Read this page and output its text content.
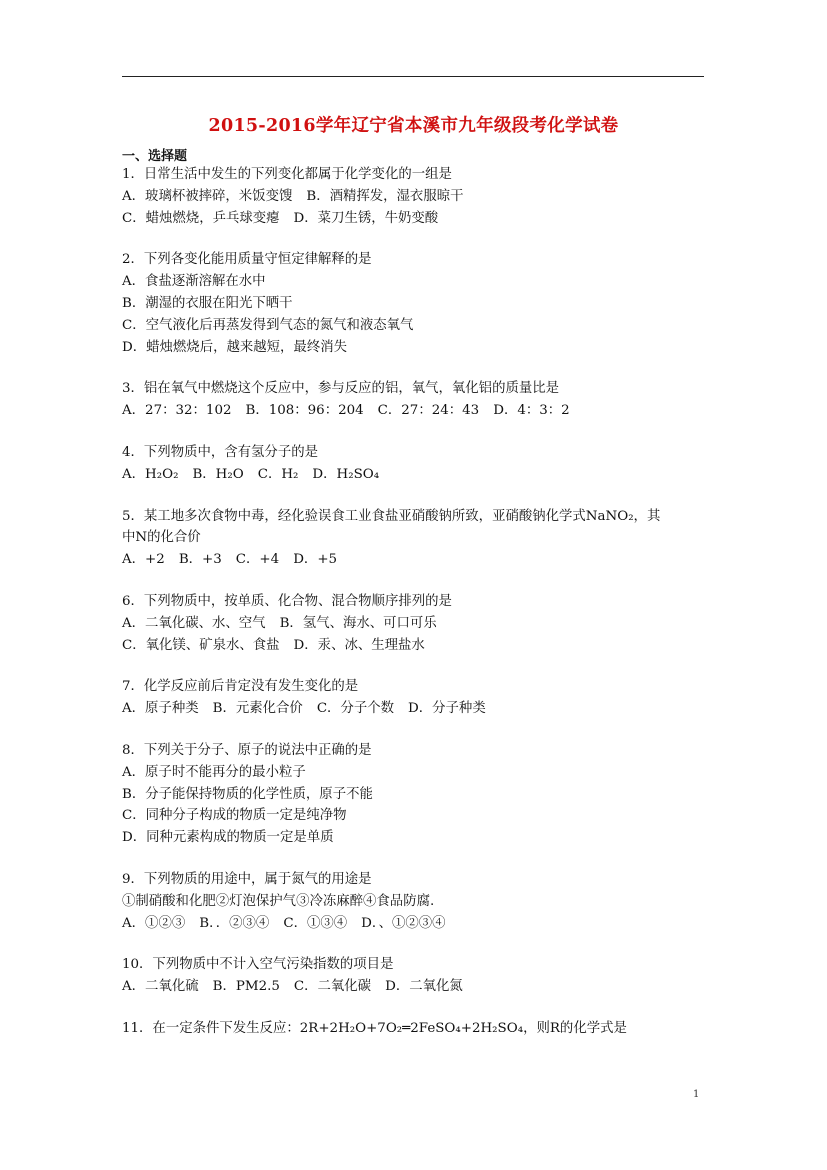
2015-2016学年辽宁省本溪市九年级段考化学试卷
一、选择题
1．日常生活中发生的下列变化都属于化学变化的一组是
A．玻璃杯被摔碎，米饭变馊 B．酒精挥发，湿衣服晾干
C．蜡烛燃烧，乒乓球变瘪 D．菜刀生锈，牛奶变酸
2．下列各变化能用质量守恒定律解释的是
A．食盐逐渐溶解在水中
B．潮湿的衣服在阳光下晒干
C．空气液化后再蒸发得到气态的氮气和液态氧气
D．蜡烛燃烧后，越来越短，最终消失
3．铝在氧气中燃烧这个反应中，参与反应的铝，氧气，氧化铝的质量比是
A．27：32：102 B．108：96：204 C．27：24：43 D．4：3：2
4．下列物质中，含有氢分子的是
A．H₂O₂ B．H₂O C．H₂ D．H₂SO₄
5．某工地多次食物中毒，经化验误食工业食盐亚硝酸钠所致，亚硝酸钠化学式NaNO₂，其
中N的化合价
A．+2 B．+3 C．+4 D．+5
6．下列物质中，按单质、化合物、混合物顺序排列的是
A．二氧化碳、水、空气 B．氢气、海水、可口可乐
C．氧化镁、矿泉水、食盐 D．汞、冰、生理盐水
7．化学反应前后肯定没有发生变化的是
A．原子种类 B．元素化合价 C．分子个数 D．分子种类
8．下列关于分子、原子的说法中正确的是
A．原子时不能再分的最小粒子
B．分子能保持物质的化学性质，原子不能
C．同种分子构成的物质一定是纯净物
D．同种元素构成的物质一定是单质
9．下列物质的用途中，属于氮气的用途是
①制硝酸和化肥②灯泡保护气③冷冻麻醉④食品防腐.
A．①②③ B．．②③④ C．①③④ D．、①②③④
10．下列物质中不计入空气污染指数的项目是
A．二氧化硫 B．PM2.5 C．二氧化碳 D．二氧化氮
11．在一定条件下发生反应：2R+2H₂O+7O₂═2FeSO₄+2H₂SO₄，则R的化学式是
1
